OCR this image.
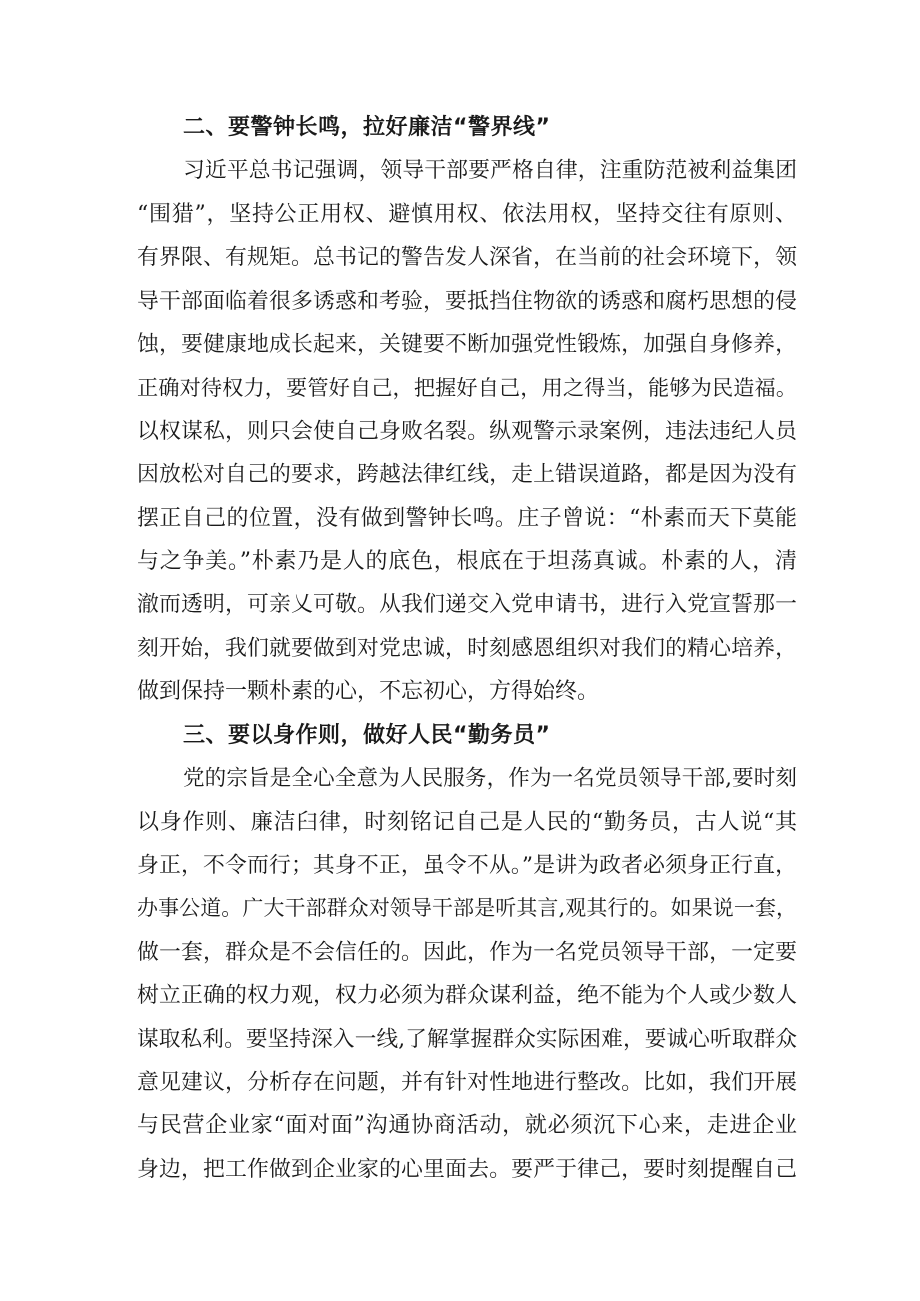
二、要警钟长鸣，拉好廉洁“警界线”
习近平总书记强调，领导干部要严格自律，注重防范被利益集团
“围猎”，坚持公正用权、避慎用权、依法用权，坚持交往有原则、
有界限、有规矩。总书记的警告发人深省，在当前的社会环境下，领
导干部面临着很多诱惑和考验，要抵挡住物欲的诱惑和腐朽思想的侵
蚀，要健康地成长起来，关键要不断加强党性锻炼，加强自身修养，
正确对待权力，要管好自己，把握好自己，用之得当，能够为民造福。
以权谋私，则只会使自己身败名裂。纵观警示录案例，违法违纪人员
因放松对自己的要求，跨越法律红线，走上错误道路，都是因为没有
摆正自己的位置，没有做到警钟长鸣。庄子曾说：“朴素而天下莫能
与之争美。”朴素乃是人的底色，根底在于坦荡真诚。朴素的人，清
澈而透明，可亲乂可敬。从我们递交入党申请书，进行入党宣誓那一
刻开始，我们就要做到对党忠诚，时刻感恩组织对我们的精心培养，
做到保持一颗朴素的心，不忘初心，方得始终。
三、要以身作则，做好人民“勤务员”
党的宗旨是全心全意为人民服务，作为一名党员领导干部,要时刻
以身作则、廉洁臼律，时刻铭记自己是人民的“勤务员，古人说“其
身正，不令而行；其身不正，虽令不从。”是讲为政者必须身正行直，
办事公道。广大干部群众对领导干部是听其言,观其行的。如果说一套，
做一套，群众是不会信任的。因此，作为一名党员领导干部，一定要
树立正确的权力观，权力必须为群众谋利益，绝不能为个人或少数人
谋取私利。要坚持深入一线,了解掌握群众实际困难，要诚心听取群众
意见建议，分析存在问题，并有针对性地进行整改。比如，我们开展
与民营企业家“面对面”沟通协商活动，就必须沉下心来，走进企业
身边，把工作做到企业家的心里面去。要严于律己，要时刻提醒自己
